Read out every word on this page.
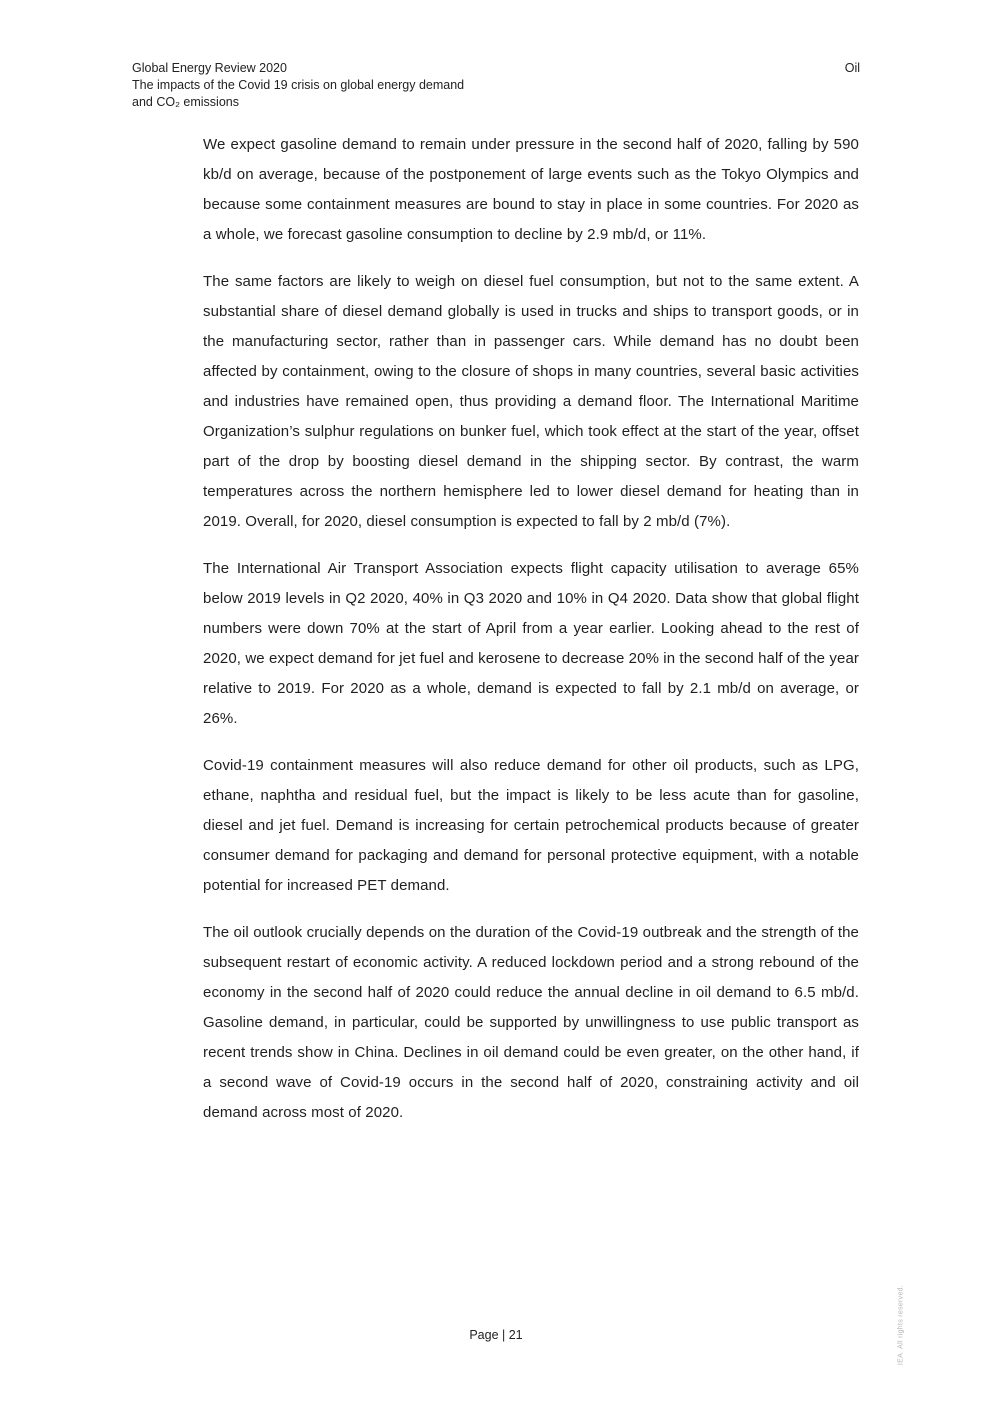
Global Energy Review 2020
The impacts of the Covid 19 crisis on global energy demand
and CO₂ emissions
Oil

We expect gasoline demand to remain under pressure in the second half of 2020, falling by 590 kb/d on average, because of the postponement of large events such as the Tokyo Olympics and because some containment measures are bound to stay in place in some countries. For 2020 as a whole, we forecast gasoline consumption to decline by 2.9 mb/d, or 11%.

The same factors are likely to weigh on diesel fuel consumption, but not to the same extent. A substantial share of diesel demand globally is used in trucks and ships to transport goods, or in the manufacturing sector, rather than in passenger cars. While demand has no doubt been affected by containment, owing to the closure of shops in many countries, several basic activities and industries have remained open, thus providing a demand floor. The International Maritime Organization’s sulphur regulations on bunker fuel, which took effect at the start of the year, offset part of the drop by boosting diesel demand in the shipping sector. By contrast, the warm temperatures across the northern hemisphere led to lower diesel demand for heating than in 2019. Overall, for 2020, diesel consumption is expected to fall by 2 mb/d (7%).

The International Air Transport Association expects flight capacity utilisation to average 65% below 2019 levels in Q2 2020, 40% in Q3 2020 and 10% in Q4 2020. Data show that global flight numbers were down 70% at the start of April from a year earlier. Looking ahead to the rest of 2020, we expect demand for jet fuel and kerosene to decrease 20% in the second half of the year relative to 2019. For 2020 as a whole, demand is expected to fall by 2.1 mb/d on average, or 26%.

Covid-19 containment measures will also reduce demand for other oil products, such as LPG, ethane, naphtha and residual fuel, but the impact is likely to be less acute than for gasoline, diesel and jet fuel. Demand is increasing for certain petrochemical products because of greater consumer demand for packaging and demand for personal protective equipment, with a notable potential for increased PET demand.

The oil outlook crucially depends on the duration of the Covid-19 outbreak and the strength of the subsequent restart of economic activity. A reduced lockdown period and a strong rebound of the economy in the second half of 2020 could reduce the annual decline in oil demand to 6.5 mb/d. Gasoline demand, in particular, could be supported by unwillingness to use public transport as recent trends show in China. Declines in oil demand could be even greater, on the other hand, if a second wave of Covid-19 occurs in the second half of 2020, constraining activity and oil demand across most of 2020.

Page | 21	IEA. All rights reserved.
